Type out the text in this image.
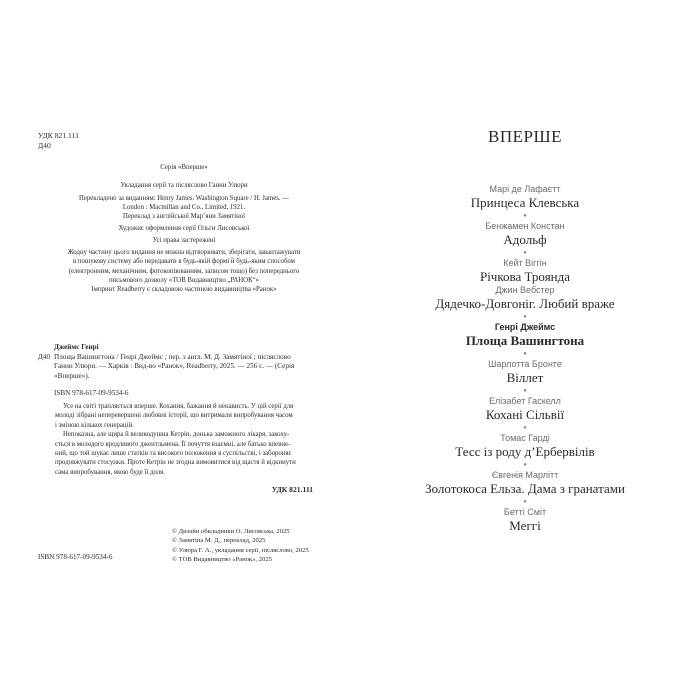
УДК 821.111
Д40
Серія «Вперше»
Укладання серії та післяслово Ганни Улюри
Перекладено за виданням: Henry James. Washington Square / H. James. —
London : Macmillan and Co., Limited, 1921.
Переклад з англійської Мар’яни Замятіної
Художнє оформлення серії Ольги Лисовської
Усі права застережені
Жодну частину цього видання не можна відтворювати, зберігати, завантажувати
в пошукову систему або передавати в будь-якій формі й будь-яким способом
(електронним, механічним, фотокопіюванням, записом тощо) без попереднього
письмового дозволу «ТОВ Видавництво „РАНОК“»
Імпринт Readberry є складовою частиною видавництва «Ранок»
Джеймс Генрі
Д40 Площа Вашингтона / Генрі Джеймс ; пер. з англ. М. Д. Замятіної ; післяслово
Ганни Улюри. — Харків : Вид-во «Ранок», Readberry, 2025. — 256 с. — (Серія
«Вперше»).
ISBN 978-617-09-9534-6

Усе на світі трапляється вперше. Кохання, бажання й ненависть. У цій серії для
молоді зібрані неперевершені любовні історії, що витримали випробування часом
і зміною кількох генерацій.

Непоказна, але щира й великодушна Кетрін, донька заможного лікаря, закоху-
ється в молодого вродливого джентльмена. Її почуття взаємні, але батько впевне-
ний, що той шукає лише статків та високого положення в суспільстві, і забороняє
продовжувати стосунки. Проте Кетрін не згодна вимовитися від щастя й відкинути
сама випробування, якою буде її доля.

УДК 821.111
© Дизайн обкладинки О. Лисовська, 2025
© Замятіна М. Д., переклад, 2025
© Улюра Г. А., укладання серії, післяслово, 2025
© ТОВ Видавництво «Ранок», 2025
ISBN 978-617-09-9534-6
ВПЕРШЕ
Марі де Лафаєтт
Принцеса Клевська
●
Бенжамен Констан
Адольф
●
Кейт Віггін
Річкова Троянда
Джин Вебстер
Дядечко-Довгоніг. Любий враже
●
Генрі Джеймс
Площа Вашингтона
●
Шарлотта Бронте
Віллет
●
Елізабет Гаскелл
Кохані Сільвії
●
Томас Гарді
Тесс із роду д’Ербервілів
●
Євгенія Марлітт
Золотокоса Ельза. Дама з гранатами
●
Бетті Сміт
Меггі
